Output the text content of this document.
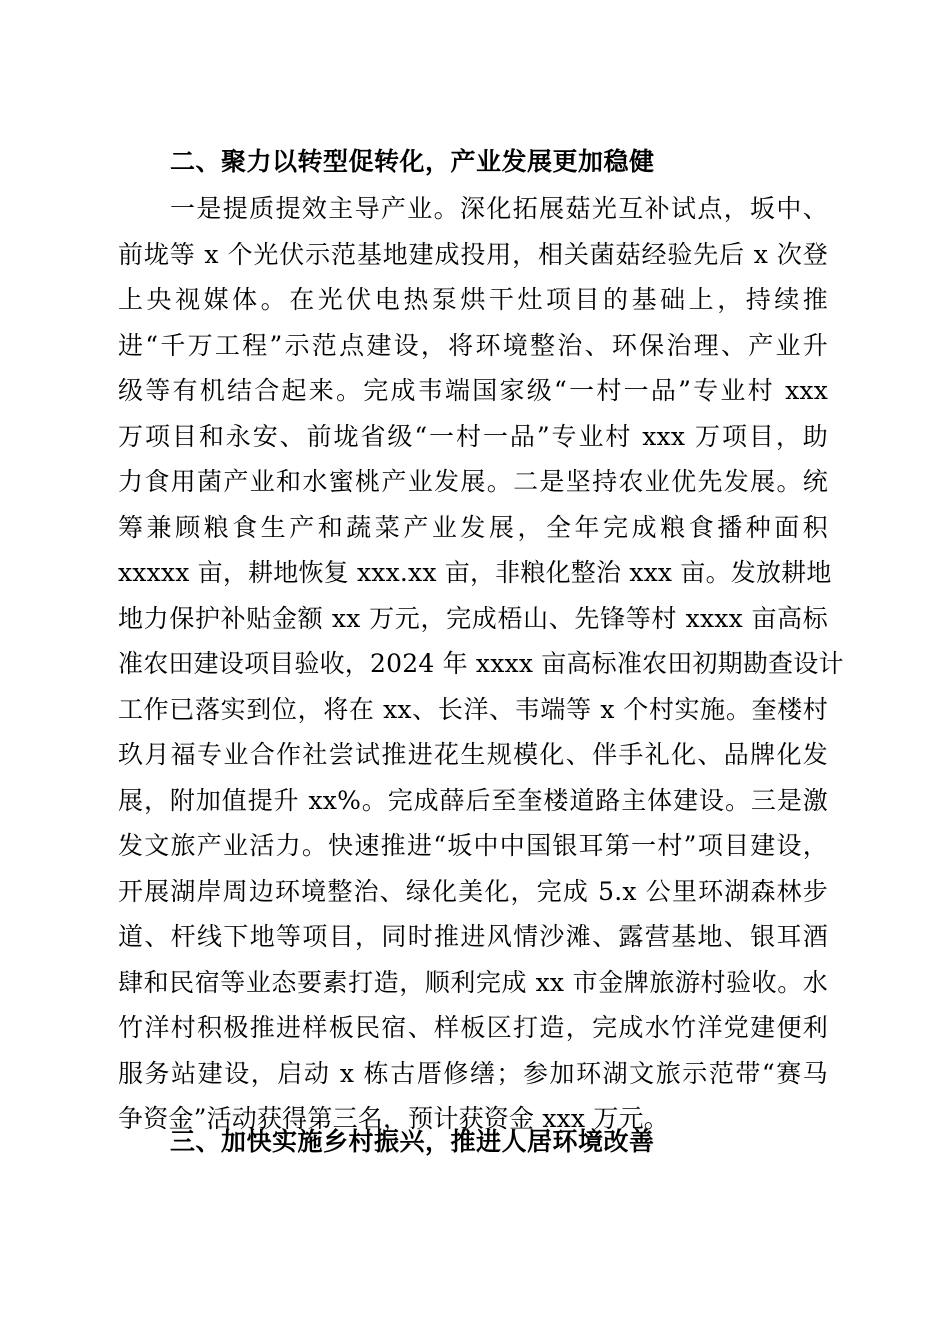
二、聚力以转型促转化，产业发展更加稳健
一是提质提效主导产业。深化拓展菇光互补试点，坂中、
前垅等 x 个光伏示范基地建成投用，相关菌菇经验先后 x 次登
上央视媒体。在光伏电热泵烘干灶项目的基础上，持续推
进“千万工程”示范点建设，将环境整治、环保治理、产业升
级等有机结合起来。完成韦端国家级“一村一品”专业村 xxx
万项目和永安、前垅省级“一村一品”专业村 xxx 万项目，助
力食用菌产业和水蜜桃产业发展。二是坚持农业优先发展。统
筹兼顾粮食生产和蔬菜产业发展，全年完成粮食播种面积
xxxxx 亩，耕地恢复 xxx.xx 亩，非粮化整治 xxx 亩。发放耕地
地力保护补贴金额 xx 万元，完成梧山、先锋等村 xxxx 亩高标
准农田建设项目验收，2024 年 xxxx 亩高标准农田初期勘查设计
工作已落实到位，将在 xx、长洋、韦端等 x 个村实施。奎楼村
玖月福专业合作社尝试推进花生规模化、伴手礼化、品牌化发
展，附加值提升 xx%。完成薛后至奎楼道路主体建设。三是激
发文旅产业活力。快速推进“坂中中国银耳第一村”项目建设，
开展湖岸周边环境整治、绿化美化，完成 5.x 公里环湖森林步
道、杆线下地等项目，同时推进风情沙滩、露营基地、银耳酒
肆和民宿等业态要素打造，顺利完成 xx 市金牌旅游村验收。水
竹洋村积极推进样板民宿、样板区打造，完成水竹洋党建便利
服务站建设，启动 x 栋古厝修缮；参加环湖文旅示范带“赛马
争资金”活动获得第三名，预计获资金 xxx 万元。
三、加快实施乡村振兴，推进人居环境改善
